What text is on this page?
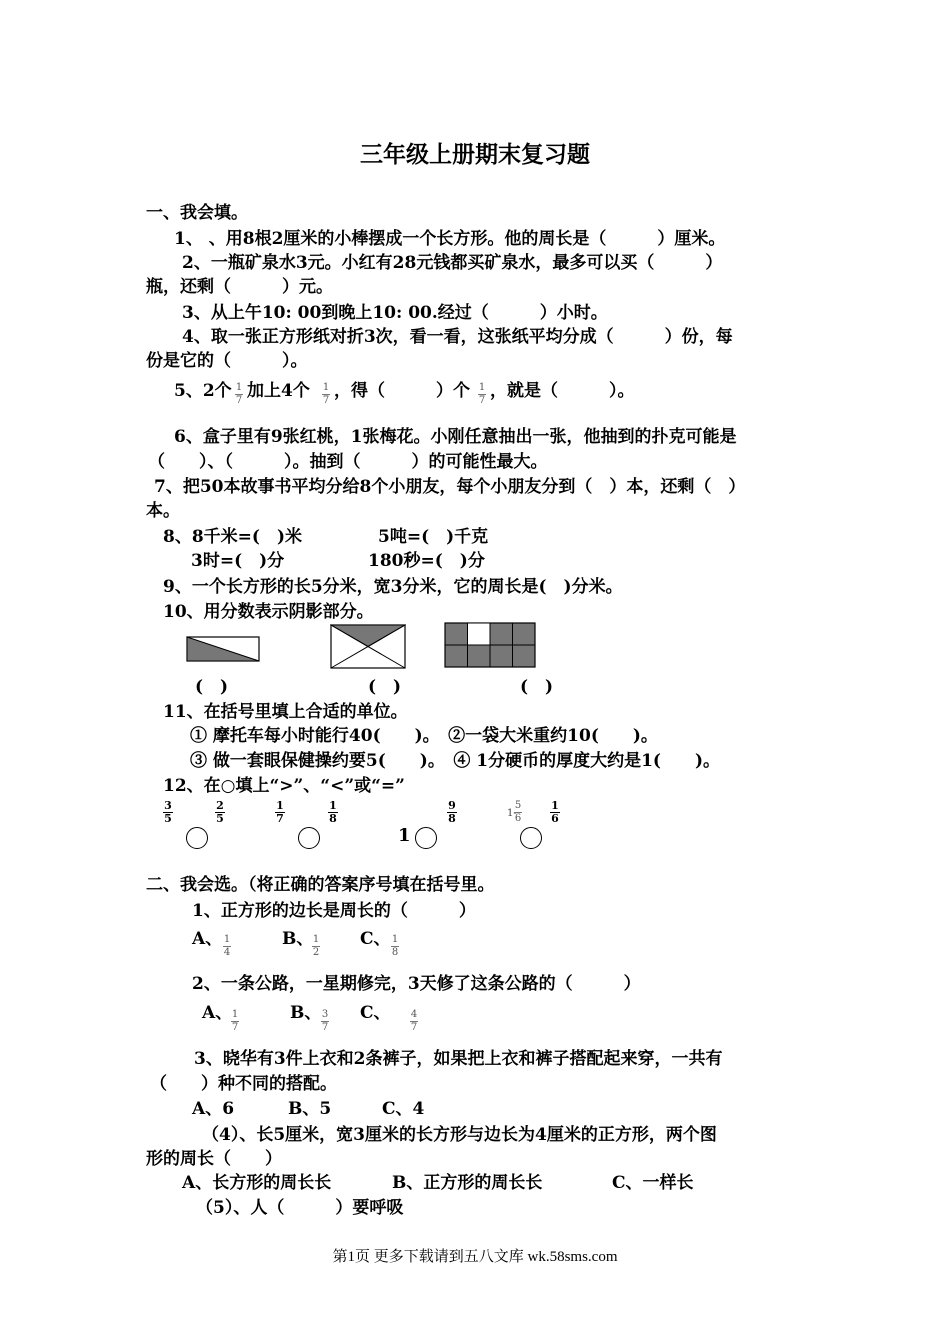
三年级上册期末复习题
一、我会填。
1、 、用8根2厘米的小棒摆成一个长方形。他的周长是（　　　）厘米。
2、一瓶矿泉水3元。小红有28元钱都买矿泉水，最多可以买（　　　）
瓶，还剩（　　　）元。
3、从上午10: 00到晚上10: 00.经过（　　　）小时。
4、取一张正方形纸对折3次，看一看，这张纸平均分成（　　　）份，每
份是它的（　　　）。
5、2个 1
7 加上4个 1
7 ，得（　　　）个 1
7 ，就是（　　　）。
6、盒子里有9张红桃，1张梅花。小刚任意抽出一张，他抽到的扑克可能是
（　　）、（　　　）。抽到（　　　）的可能性最大。
7、把50本故事书平均分给8个小朋友，每个小朋友分到（　）本，还剩（　）
本。
8、8千米=(　)米	5吨=(　)千克
3时=(　)分	180秒=(　)分
9、一个长方形的长5分米，宽3分米，它的周长是(　)分米。
10、用分数表示阴影部分。
(　)	(　)	(　)
11、在括号里填上合适的单位。
① 摩托车每小时能行40(　　)。　②一袋大米重约10(　　)。
③ 做一套眼保健操约要5(　　)。　④ 1分硬币的厚度大约是1(　　)。
12、在○填上“>”、“<”或“=”
3
5
2
5
1
7
1
8
9
8	1-
5
6
1
6
1
二、我会选。（将正确的答案序号填在括号里。
1、正方形的边长是周长的（　　　）
A、 1
4
B、 1
2
C、 1
8
2、一条公路，一星期修完，3天修了这条公路的（　　　）
A、 1
7
B、 3
7
C、 4
7
3、晓华有3件上衣和2条裤子，如果把上衣和裤子搭配起来穿，一共有
（　　）种不同的搭配。
A、6	B、5	C、4
（4）、长5厘米，宽3厘米的长方形与边长为4厘米的正方形，两个图
形的周长（　　）
A、长方形的周长长	B、正方形的周长长	C、一样长
（5）、人（　　　）要呼吸
第1页 更多下载请到五八文库 wk.58sms.com
